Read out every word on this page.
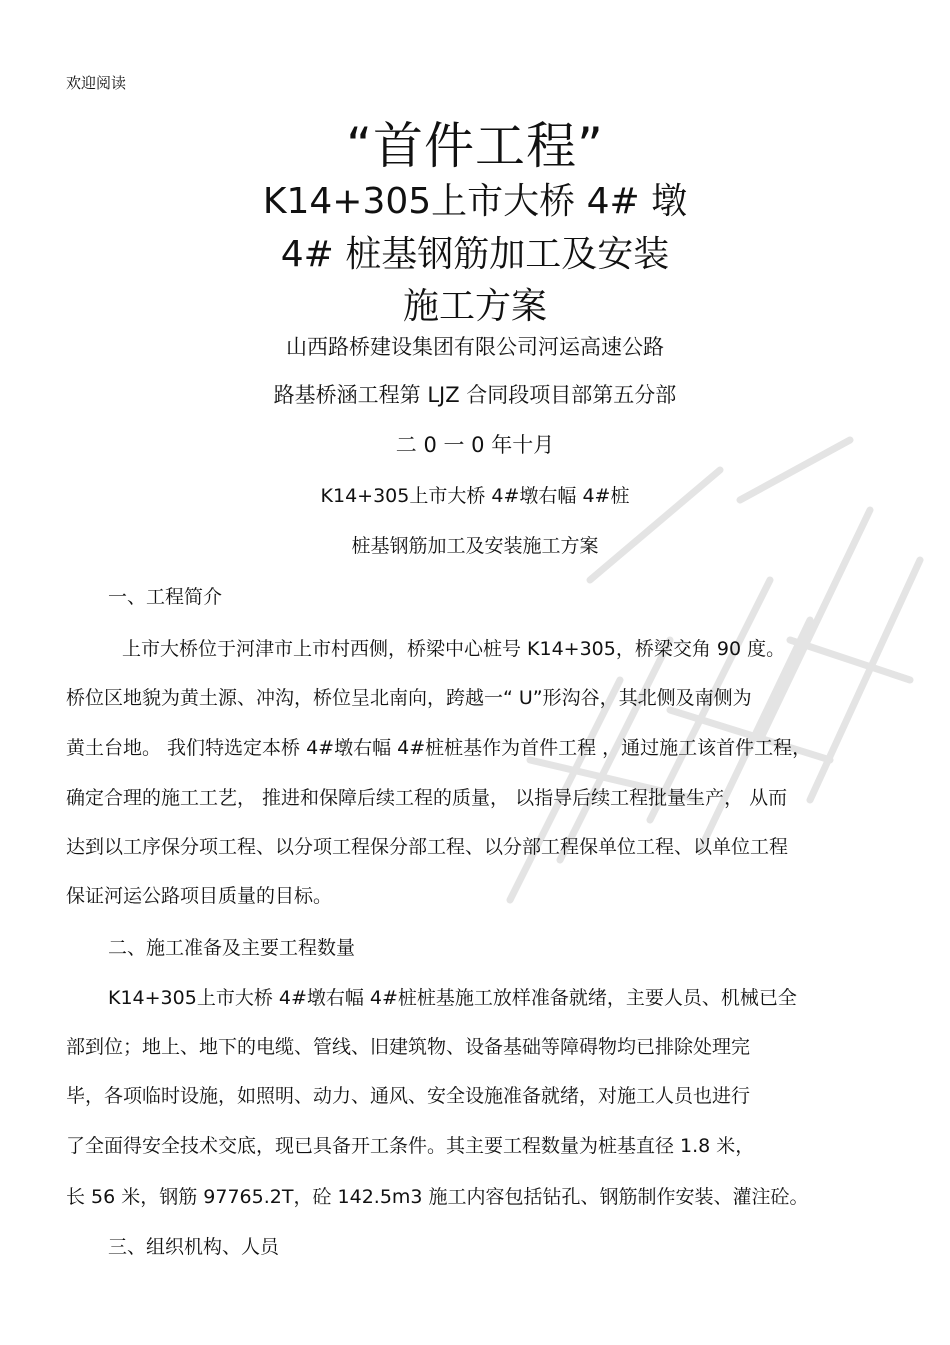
欢迎阅读
“首件工程”
K14+305上市大桥 4# 墩
4# 桩基钢筋加工及安装
施工方案
山西路桥建设集团有限公司河运高速公路
路基桥涵工程第 LJZ 合同段项目部第五分部
二 0 一 0 年十月
K14+305上市大桥 4#墩右幅 4#桩
桩基钢筋加工及安装施工方案
一、工程简介
上市大桥位于河津市上市村西侧，桥梁中心桩号 K14+305，桥梁交角 90 度。
桥位区地貌为黄土源、冲沟，桥位呈北南向，跨越一“ U”形沟谷，其北侧及南侧为
黄土台地。 我们特选定本桥 4#墩右幅 4#桩桩基作为首件工程 ，通过施工该首件工程，
确定合理的施工工艺， 推进和保障后续工程的质量， 以指导后续工程批量生产， 从而
达到以工序保分项工程、以分项工程保分部工程、以分部工程保单位工程、以单位工程
保证河运公路项目质量的目标。
二、施工准备及主要工程数量
K14+305上市大桥 4#墩右幅 4#桩桩基施工放样准备就绪，主要人员、机械已全
部到位；地上、地下的电缆、管线、旧建筑物、设备基础等障碍物均已排除处理完
毕，各项临时设施，如照明、动力、通风、安全设施准备就绪，对施工人员也进行
了全面得安全技术交底，现已具备开工条件。其主要工程数量为桩基直径 1.8 米，
长 56 米，钢筋 97765.2T，砼 142.5m3 施工内容包括钻孔、钢筋制作安装、灌注砼。
三、组织机构、人员
